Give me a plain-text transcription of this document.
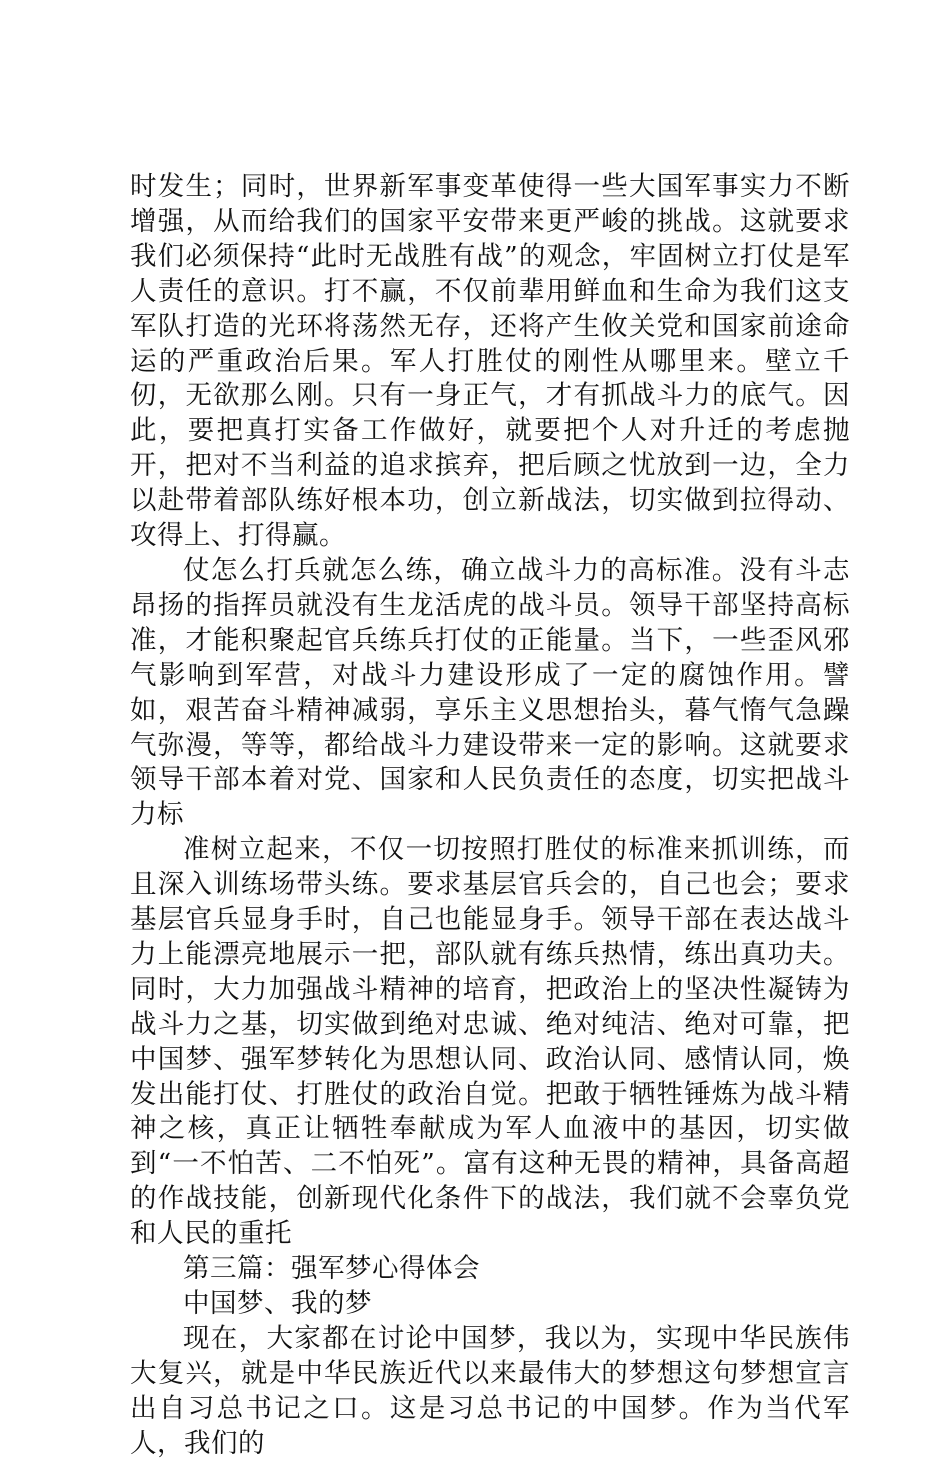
时发生；同时，世界新军事变革使得一些大国军事实力不断增强，从而给我们的国家平安带来更严峻的挑战。这就要求我们必须保持“此时无战胜有战”的观念，牢固树立打仗是军人责任的意识。打不赢，不仅前辈用鲜血和生命为我们这支军队打造的光环将荡然无存，还将产生攸关党和国家前途命运的严重政治后果。军人打胜仗的刚性从哪里来。壁立千仞，无欲那么刚。只有一身正气，才有抓战斗力的底气。因此，要把真打实备工作做好，就要把个人对升迁的考虑抛开，把对不当利益的追求摈弃，把后顾之忧放到一边，全力以赴带着部队练好根本功，创立新战法，切实做到拉得动、攻得上、打得赢。

仗怎么打兵就怎么练，确立战斗力的高标准。没有斗志昂扬的指挥员就没有生龙活虎的战斗员。领导干部坚持高标准，才能积聚起官兵练兵打仗的正能量。当下，一些歪风邪气影响到军营，对战斗力建设形成了一定的腐蚀作用。譬如，艰苦奋斗精神减弱，享乐主义思想抬头，暮气惰气急躁气弥漫，等等，都给战斗力建设带来一定的影响。这就要求领导干部本着对党、国家和人民负责任的态度，切实把战斗力标

准树立起来，不仅一切按照打胜仗的标准来抓训练，而且深入训练场带头练。要求基层官兵会的，自己也会；要求基层官兵显身手时，自己也能显身手。领导干部在表达战斗力上能漂亮地展示一把，部队就有练兵热情，练出真功夫。同时，大力加强战斗精神的培育，把政治上的坚决性凝铸为战斗力之基，切实做到绝对忠诚、绝对纯洁、绝对可靠，把中国梦、强军梦转化为思想认同、政治认同、感情认同，焕发出能打仗、打胜仗的政治自觉。把敢于牺牲锤炼为战斗精神之核，真正让牺牲奉献成为军人血液中的基因，切实做到“一不怕苦、二不怕死”。富有这种无畏的精神，具备高超的作战技能，创新现代化条件下的战法，我们就不会辜负党和人民的重托

第三篇：强军梦心得体会

中国梦、我的梦

现在，大家都在讨论中国梦，我以为，实现中华民族伟大复兴，就是中华民族近代以来最伟大的梦想这句梦想宣言出自习总书记之口。这是习总书记的中国梦。作为当代军人，我们的
